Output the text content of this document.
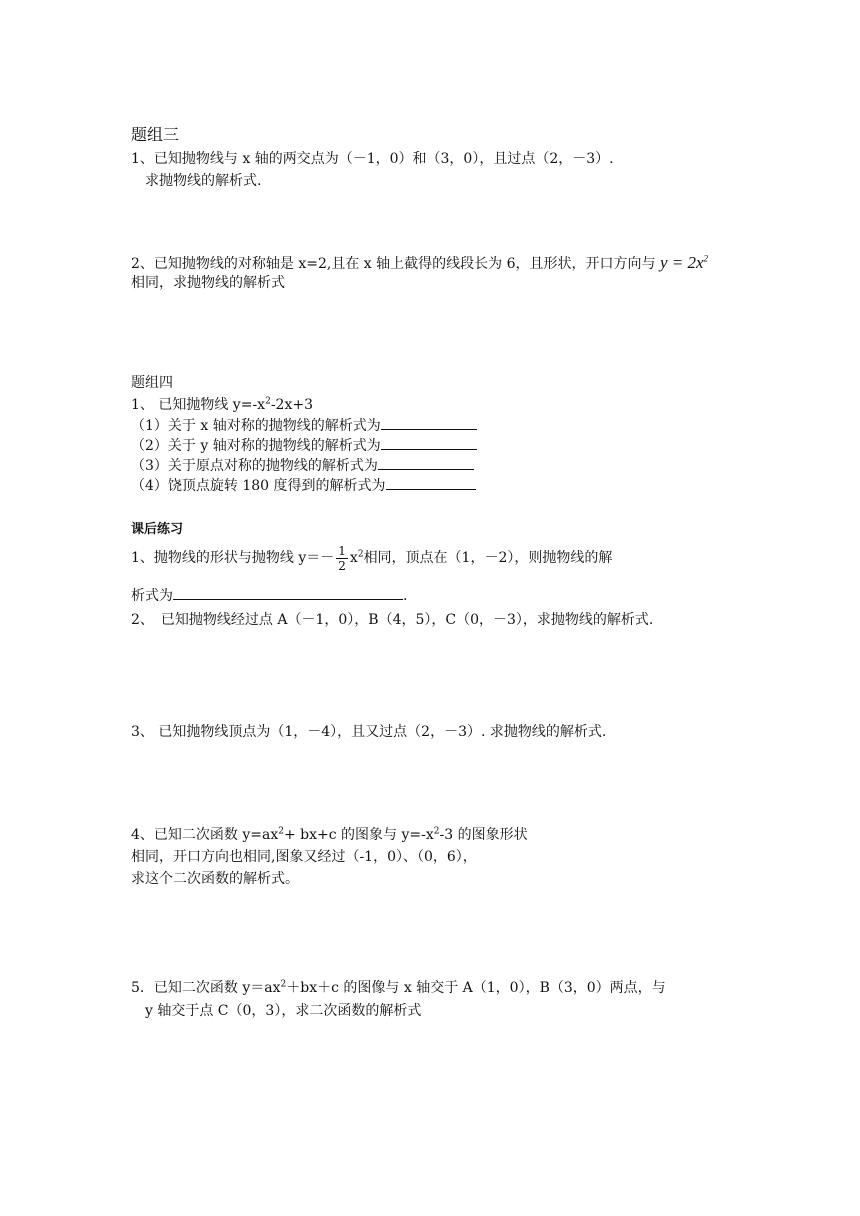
题组三
1、已知抛物线与 x 轴的两交点为（－1，0）和（3，0），且过点（2，－3）.
求抛物线的解析式.
2、已知抛物线的对称轴是 x=2,且在 x 轴上截得的线段长为 6，且形状，开口方向与 $y = 2x^2$
相同，求抛物线的解析式
题组四
1、 已知抛物线 $y=-x^2-2x+3$
（1）关于 x 轴对称的抛物线的解析式为
（2）关于 y 轴对称的抛物线的解析式为
（3）关于原点对称的抛物线的解析式为
（4）饶顶点旋转 180 度得到的解析式为
课后练习
1、抛物线的形状与抛物线 $y=- \frac{1}{2} x^2$相同，顶点在（1，－2），则抛物线的解
析式为	.
2、　已知抛物线经过点 A（－1，0），B（4，5），C（0，－3），求抛物线的解析式.
3、 已知抛物线顶点为（1，－4），且又过点（2，－3）. 求抛物线的解析式.
4、已知二次函数 $y=ax^2+ bx+c$ 的图象与 $y=-x^2-3$ 的图象形状
相同，开口方向也相同,图象又经过（-1，0）、（0，6），
求这个二次函数的解析式。
5．已知二次函数 $y=ax^2+bx+c$ 的图像与 x 轴交于 A（1，0），B（3，0）两点，与
y 轴交于点 C（0，3），求二次函数的解析式
